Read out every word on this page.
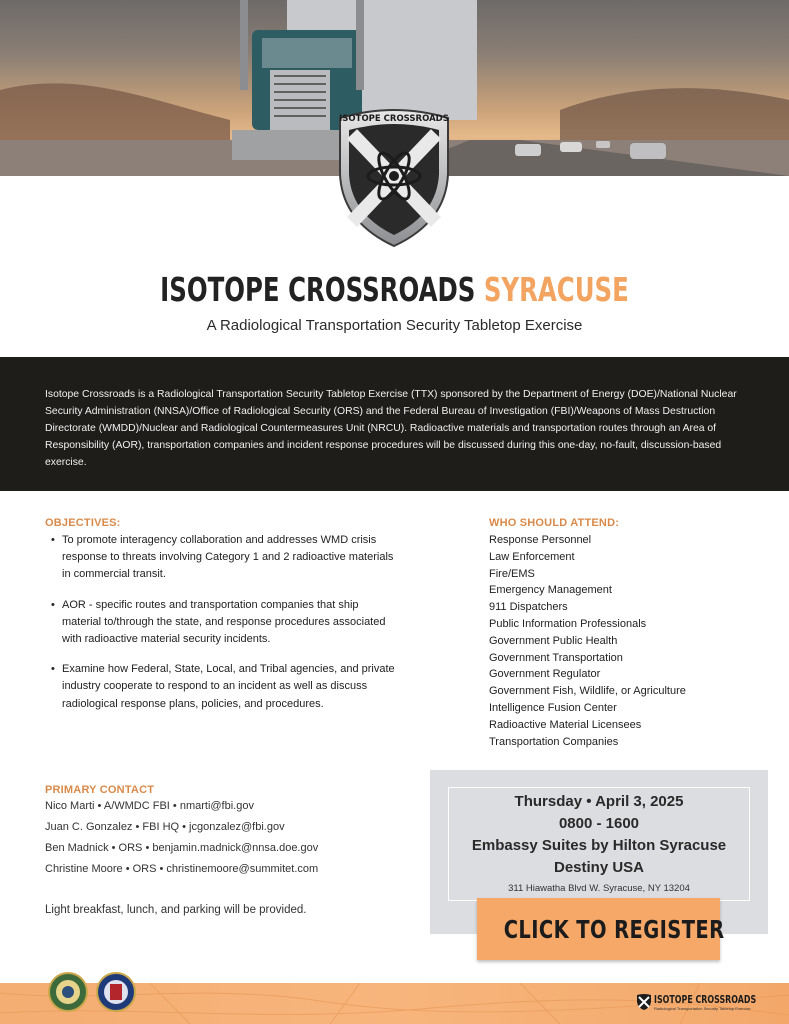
ISOTOPE CROSSROADS
ISOTOPE CROSSROADS SYRACUSE
A Radiological Transportation Security Tabletop Exercise

Isotope Crossroads is a Radiological Transportation Security Tabletop Exercise (TTX) sponsored by the Department of Energy (DOE)/National Nuclear Security Administration (NNSA)/Office of Radiological Security (ORS) and the Federal Bureau of Investigation (FBI)/Weapons of Mass Destruction Directorate (WMDD)/Nuclear and Radiological Countermeasures Unit (NRCU). Radioactive materials and transportation routes through an Area of Responsibility (AOR), transportation companies and incident response procedures will be discussed during this one-day, no-fault, discussion-based exercise.

OBJECTIVES:
• To promote interagency collaboration and addresses WMD crisis response to threats involving Category 1 and 2 radioactive materials in commercial transit.
• AOR - specific routes and transportation companies that ship material to/through the state, and response procedures associated with radioactive material security incidents.
• Examine how Federal, State, Local, and Tribal agencies, and private industry cooperate to respond to an incident as well as discuss radiological response plans, policies, and procedures.
WHO SHOULD ATTEND:
Response Personnel
Law Enforcement
Fire/EMS
Emergency Management
911 Dispatchers
Public Information Professionals
Government Public Health
Government Transportation
Government Regulator
Government Fish, Wildlife, or Agriculture
Intelligence Fusion Center
Radioactive Material Licensees
Transportation Companies
PRIMARY CONTACT
Nico Marti • A/WMDC FBI • nmarti@fbi.gov
Juan C. Gonzalez • FBI HQ • jcgonzalez@fbi.gov
Ben Madnick • ORS • benjamin.madnick@nnsa.doe.gov
Christine Moore • ORS • christinemoore@summitet.com
Light breakfast, lunch, and parking will be provided.
Thursday • April 3, 2025
0800 - 1600
Embassy Suites by Hilton Syracuse
Destiny USA
311 Hiawatha Blvd W. Syracuse, NY 13204
CLICK TO REGISTER
ISOTOPE CROSSROADS
Radiological Transportation Security Tabletop Exercise
